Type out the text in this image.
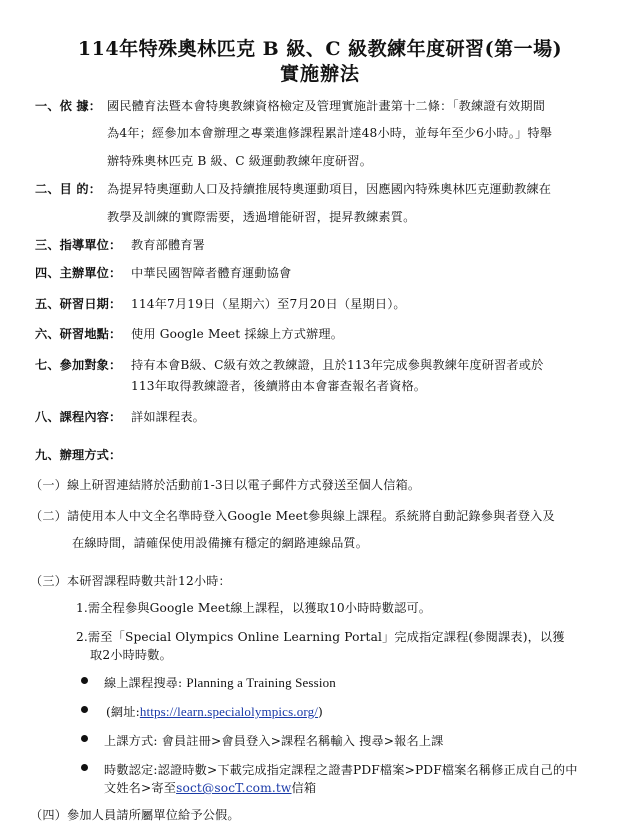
114年特殊奧林匹克 B 級、C 級教練年度研習(第一場)
實施辦法
一、依 據： 國民體育法暨本會特奧教練資格檢定及管理實施計畫第十二條：「教練證有效期間
為4年；經參加本會辦理之專業進修課程累計達48小時，並每年至少6小時。」特舉
辦特殊奧林匹克 B 級、C 級運動教練年度研習。
二、目 的： 為提昇特奧運動人口及持續推展特奧運動項目，因應國內特殊奧林匹克運動教練在
教學及訓練的實際需要，透過增能研習，提昇教練素質。
三、指導單位： 教育部體育署
四、主辦單位： 中華民國智障者體育運動協會
五、研習日期： 114年7月19日（星期六）至7月20日（星期日）。
六、研習地點： 使用 Google Meet 採線上方式辦理。
七、參加對象： 持有本會B級、C級有效之教練證，且於113年完成參與教練年度研習者或於
113年取得教練證者，後續將由本會審查報名者資格。
八、課程內容： 詳如課程表。
九、辦理方式：
（一）線上研習連結將於活動前1-3日以電子郵件方式發送至個人信箱。
（二）請使用本人中文全名準時登入Google Meet參與線上課程。系統將自動記錄參與者登入及
在線時間，請確保使用設備擁有穩定的網路連線品質。
（三）本研習課程時數共計12小時：
1.需全程參與Google Meet線上課程，以獲取10小時時數認可。
2.需至「Special Olympics Online Learning Portal」完成指定課程(參閱課表)，以獲
取2小時時數。
線上課程搜尋: Planning a Training Session
(網址:https://learn.specialolympics.org/)
上課方式: 會員註冊>會員登入>課程名稱輸入 搜尋>報名上課
時數認定:認證時數>下載完成指定課程之證書PDF檔案>PDF檔案名稱修正成自己的中
文姓名>寄至soct@socT.com.tw信箱
（四）參加人員請所屬單位給予公假。
